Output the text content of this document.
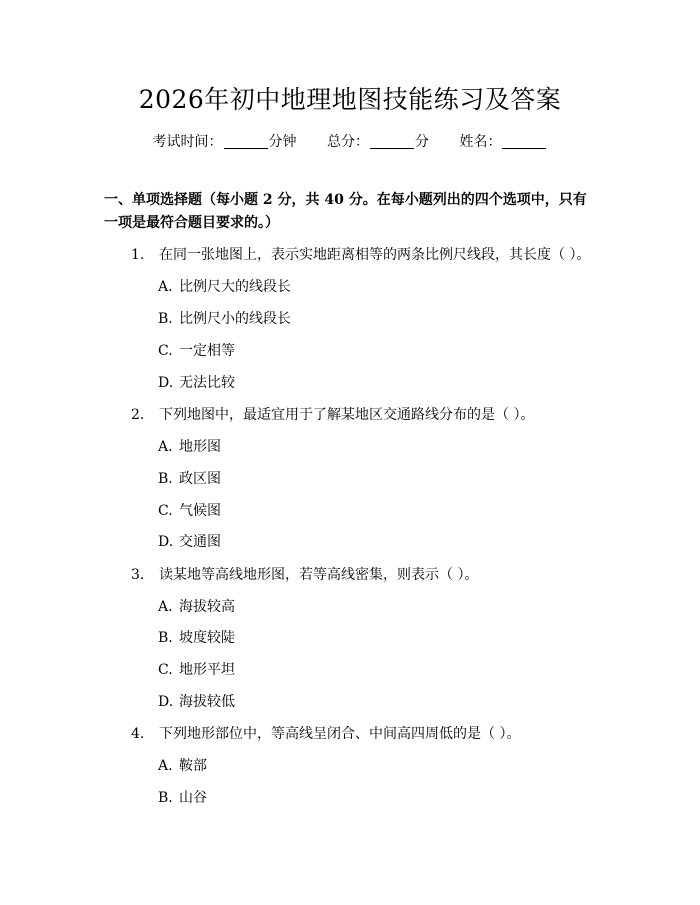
2026年初中地理地图技能练习及答案
考试时间：	分钟 总分：	分 姓名：
一、单项选择题（每小题 2 分，共 40 分。在每小题列出的四个选项中，只有一项是最符合题目要求的。）
1. 在同一张地图上，表示实地距离相等的两条比例尺线段，其长度（ ）。
A. 比例尺大的线段长
B. 比例尺小的线段长
C. 一定相等
D. 无法比较
2. 下列地图中，最适宜用于了解某地区交通路线分布的是（ ）。
A. 地形图
B. 政区图
C. 气候图
D. 交通图
3. 读某地等高线地形图，若等高线密集，则表示（ ）。
A. 海拔较高
B. 坡度较陡
C. 地形平坦
D. 海拔较低
4. 下列地形部位中，等高线呈闭合、中间高四周低的是（ ）。
A. 鞍部
B. 山谷
